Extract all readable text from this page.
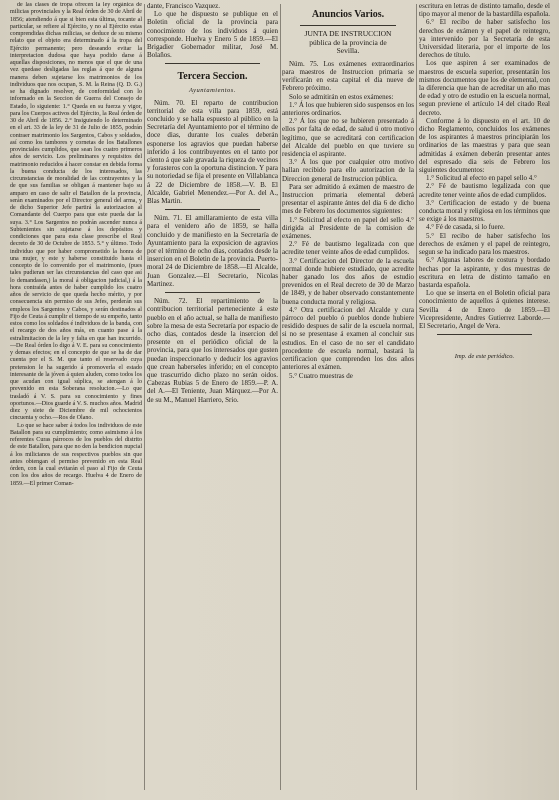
de las clases de tropa ofrecen la ley orgánica de milicias provinciales y la Real órden de 30 de Abril de 1856; atendiendo á que si bien esta última, tocante al particular, se refiere al Ejército, y no al Ejército estas comprendidas dichas milicias, se deduce de su mismo relato que el objeto era determinado á la tropa del Ejército permanente; pero deseando evitar la interpretacion dudosa que haya podido darse á aquellas disposiciones, no menos que el que de una vez quedase desligadas las reglas á que de alguna manera deben sujetarse los matrimonios de los individuos que nos ocupan, S. M. la Reina (Q. D. G.) se ha dignado resolver, de conformidad con lo informado en la Seccion de Guerra del Consejo de Estado, lo siguiente: 1.° Queda en su fuerza y vigor, para los Cuerpos activos del Ejército, la Real órden de 30 de Abril de 1856. 2.° Insiguiendo lo determinado en el art. 33 de la ley de 31 de Julio de 1855, podrán contraer matrimonio los Sargentos, Cabos y soldados, así como los tambores y cornetas de los Batallones provinciales cumplidos, que sean los cuatro primeros años de servicio. Los preliminares y requisitos del matrimonio reducidos á hacer constar en debida forma la buena conducta de los interesados, las circunstancias de moralidad de las contrayentes y la de que sus familias se obligan á mantener bajo su amparo en caso de salir el Batallon de la provincia, serán examinados por el Director general del arma, y de dicho Superior Jefe partirá la autorizacion al Comandante del Cuerpo para que este pueda dar la suya. 3.° Los Sargentos no podrán ascender nunca á Subtenientes sin sujetarse á los depósitos y condiciones que para esta clase prescribe el Real decreto de 30 de Octubre de 1853. 5.° y último. Todo individuo que por haber comprometido la honra de una mujer, y este y haberse constituido hasta el concepto de lo convenido por el matrimonio, (pues tales pudieran ser las circunstancias del caso que así lo demandasen,) la moral á obligacion judicial,) á la hora contraída antes de haber cumplido los cuatro años de servicio de que queda hecho mérito, y por consecuencia sin permiso de sus Jefes, perderán sus empleos los Sargentos y Cabos, y serán destinados al Fijo de Ceuta á cumplir el tiempo de su empeño, tanto estos como los soldados é individuos de la banda, con el recargo de dos años más, en cuanto pase á la estralimitacion de la ley y falta en que han incurrido.—De Real órden lo digo á V. E. para su conocimiento y demas efectos; en el concepto de que se ha de dar cuenta por el S. M. que tanto el reservado cuya pretension le ha sugerido á promoverla el estado interesante de la jóven á quien aluden, como todos los que acudan con igual súplica, se atengan á lo prevenido en esta Soberana resolucion.—Lo que trasladó á V. S. para su conocimiento y fines oportunos.—Dios guarde á V. S. muchos años. Madrid diez y siete de Diciembre de mil ochocientos cincuenta y ocho.—Ros de Olano.

Lo que se hace saber á todos los individuos de este Batallon para su cumplimiento; como asimismo á los referentes Curas párrocos de los pueblos del distrito de este Batallon, para que no den la bendicion nupcial á los milicianos de sus respectivos pueblos sin que antes obtengan el permiso prevenido en esta Real órden, con la cual evitarán el paso al Fijo de Ceuta con los dos años de recargo. Huelva 4 de Enero de 1859.—El primer Coman-

dante, Francisco Vazquez.

Lo que he dispuesto se publique en el Boletin oficial de la provincia para conocimiento de los individuos á quien corresponde. Huelva y Enero 5 de 1859.—El Brigadier Gobernador militar, José M. Bolaños.

Tercera Seccion.
Ayuntamientos.

Núm. 70. El reparto de contribucion territorial de esta villa para 1859, está concluido y se halla espuesto al público en la Secretaría del Ayuntamiento por el término de doce dias, durante los cuales deberán esponerse los agravios que puedan haberse inferido á los contribuyentes en el tanto por ciento á que sale gravada la riqueza de vecinos y forasteros con la oportuna distincion. Y para su notoriedad se fija el presente en Villablanca á 22 de Diciembre de 1858.—V. B. El Alcalde, Gabriel Menendez.—Por A. del A., Blas Martin.

Núm. 71. El amillaramiento de esta villa para el venidero año de 1859, se halla concluido y de manifiesto en la Secretaría de Ayuntamiento para la exposicion de agravios por el término de ocho dias, contados desde la insercion en el Boletin de la provincia. Puerto-moral 24 de Diciembre de 1858.—El Alcalde, Juan Gonzalez.—El Secretario, Nicolas Martinez.

Núm. 72. El repartimiento de la contribucion territorial perteneciente á este pueblo en el año actual, se halla de manifiesto sobre la mesa de esta Secretaría por espacio de ocho dias, contados desde la insercion del presente en el periódico oficial de la provincia, para que los interesados que gusten puedan inspeccionarlo y deducir los agravios que crean haberseles inferido; en el concepto que trascurrido dicho plazo no serán oidos. Cabezas Rubias 5 de Enero de 1859.—P. A. del A.—El Teniente, Juan Márquez.—Por A. de su M., Manuel Harriero, Srio.

Anuncios Varios.
JUNTA DE INSTRUCCION
pública de la provincia de
Sevilla.

Núm. 75. Los exámenes extraordinarios para maestros de Instruccion primaria se verificarán en esta capital el dia nueve de Febrero próximo.

Solo se admitirán en estos exámenes:

1.° Á los que hubieren sido suspensos en los anteriores ordinarios.

2.° Á los que no se hubieren presentado á ellos por falta de edad, de salud ú otro motivo legítimo, que se acreditará con certificacion del Alcalde del pueblo en que tuviere su residencia el aspirante.

3.° Á los que por cualquier otro motivo hallan recibido para ello autorizacion de la Direccion general de Instruccion pública.

Para ser admitido á exámen de maestro de Instruccion primaria elemental deberá presentar el aspirante ántes del dia 6 de dicho mes de Febrero los documentos siguientes:

1.° Solicitud al efecto en papel del sello 4.° dirigida al Presidente de la comision de exámenes.

2.° Fé de bautismo legalizada con que acredite tener veinte años de edad cumplidos.

3.° Certificacion del Director de la escuela normal donde hubiere estudiado, que acredite haber ganado los dos años de estudio prevenidos en el Real decreto de 30 de Marzo de 1849, y de haber observado constantemente buena conducta moral y religiosa.

4.° Otra certificacion del Alcalde y cura párroco del pueblo ó pueblos donde hubiere residido despues de salir de la escuela normal, si no se presentase á examen al concluir sus estudios. En el caso de no ser el candidato procedente de escuela normal, bastará la certificacion que comprenden los dos años anteriores al exámen.

5.° Cuatro muestras de

escritura en letras de distinto tamaño, desde el tipo mayor al menor de la bastardilla española.

6.° El recibo de haber satisfecho los derechos de exámen y el papel de reintegro, ya intervenido por la Secretaría de esta Universidad literaria, por el importe de los derechos de título.

Los que aspiren á ser examinados de maestros de escuela superior, presentarán los mismos documentos que los de elemental, con la diferencia que han de acreditar un año mas de edad y otro de estudio en la escuela normal, segun previene el artículo 14 del citado Real decreto.

Conforme á lo dispuesto en el art. 10 de dicho Reglamento, concluidos los exámenes de los aspirantes á maestros principiarán los ordinarios de las maestras y para que sean admitidas á exámen deberán presentar antes del espresado dia seis de Febrero los siguientes documentos:

1.° Solicitud al efecto en papel sello 4.°

2.° Fé de bautismo legalizada con que acredite tener veinte años de edad cumplidos.

3.° Certificacion de estado y de buena conducta moral y religiosa en los términos que se exige á los maestros.

4.° Fé de casada, si lo fuere.

5.° El recibo de haber satisfecho los derechos de exámen y el papel de reintegro, segun se ha indicado para los maestros.

6.° Algunas labores de costura y bordado hechas por la aspirante, y dos muestras de escritura en letra de distinto tamaño en bastarda española.

Lo que se inserta en el Boletin oficial para conocimiento de aquellos á quienes interese. Sevilla 4 de Enero de 1859.—El Vicepresidente, Andres Gutierrez Laborde.—El Secretario, Angel de Vera.

Imp. de este periódico.
